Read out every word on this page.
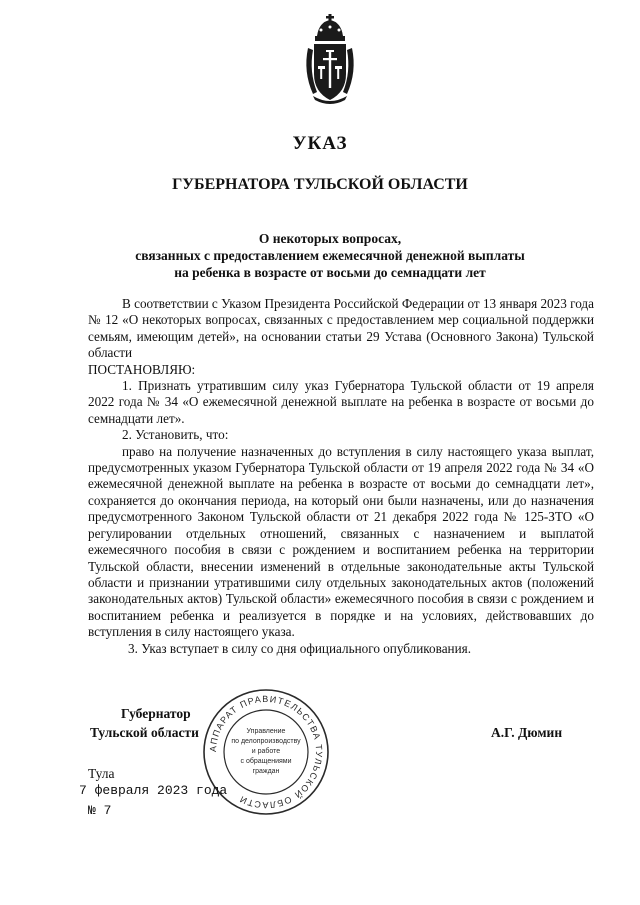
УКАЗ
ГУБЕРНАТОРА ТУЛЬСКОЙ ОБЛАСТИ
О некоторых вопросах,
связанных с предоставлением ежемесячной денежной выплаты
на ребенка в возрасте от восьми до семнадцати лет

В соответствии с Указом Президента Российской Федерации от 13 января 2023 года № 12 «О некоторых вопросах, связанных с предоставлением мер социальной поддержки семьям, имеющим детей», на основании статьи 29 Устава (Основного Закона) Тульской области

ПОСТАНОВЛЯЮ:

1. Признать утратившим силу указ Губернатора Тульской области от 19 апреля 2022 года № 34 «О ежемесячной денежной выплате на ребенка в возрасте от восьми до семнадцати лет».

2. Установить, что:

право на получение назначенных до вступления в силу настоящего указа выплат, предусмотренных указом Губернатора Тульской области от 19 апреля 2022 года № 34 «О ежемесячной денежной выплате на ребенка в возрасте от восьми до семнадцати лет», сохраняется до окончания периода, на который они были назначены, или до назначения предусмотренного Законом Тульской области от 21 декабря 2022 года № 125-ЗТО «О регулировании отдельных отношений, связанных с назначением и выплатой ежемесячного пособия в связи с рождением и воспитанием ребенка на территории Тульской области, внесении изменений в отдельные законодательные акты Тульской области и признании утратившими силу отдельных законодательных актов (положений законодательных актов) Тульской области» ежемесячного пособия в связи с рождением и воспитанием ребенка и реализуется в порядке и на условиях, действовавших до вступления в силу настоящего указа.

3. Указ вступает в силу со дня официального опубликования.

Губернатор
Тульской области	А.Г. Дюмин
АППАРАТ ПРАВИТЕЛЬСТВА ТУЛЬСКОЙ ОБЛАСТИ
Управление
по делопроизводству
и работе
с обращениями
граждан
Тула
7 февраля 2023 года
№ 7
